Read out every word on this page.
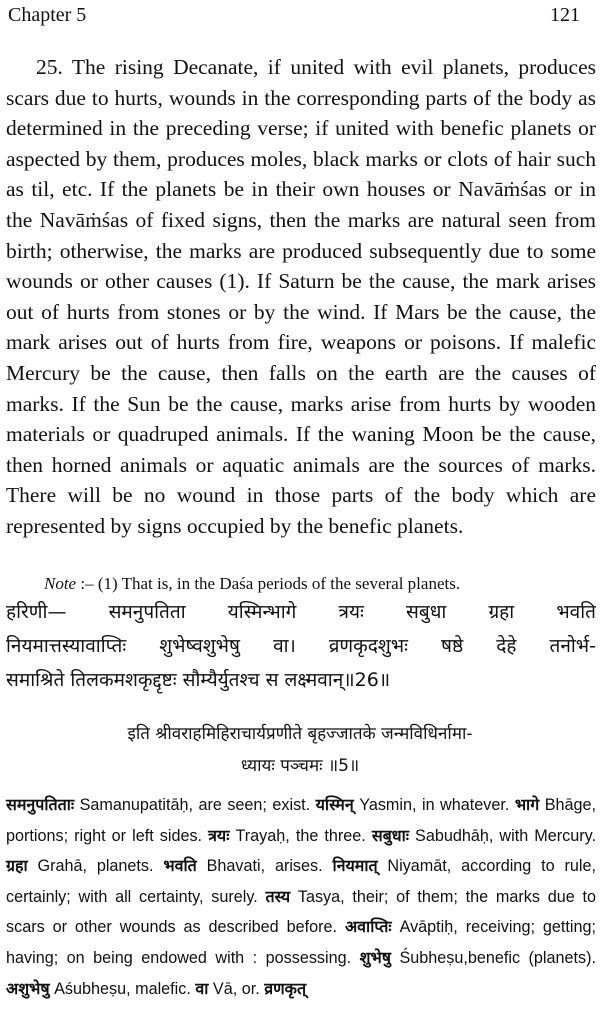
Chapter 5	121

25. The rising Decanate, if united with evil planets, produces scars due to hurts, wounds in the corresponding parts of the body as determined in the preceding verse; if united with benefic planets or aspected by them, produces moles, black marks or clots of hair such as til, etc. If the planets be in their own houses or Navāṁśas or in the Navāṁśas of fixed signs, then the marks are natural seen from birth; otherwise, the marks are produced subsequently due to some wounds or other causes (1). If Saturn be the cause, the mark arises out of hurts from stones or by the wind. If Mars be the cause, the mark arises out of hurts from fire, weapons or poisons. If malefic Mercury be the cause, then falls on the earth are the causes of marks. If the Sun be the cause, marks arise from hurts by wooden materials or quadruped animals. If the waning Moon be the cause, then horned animals or aquatic animals are the sources of marks. There will be no wound in those parts of the body which are represented by signs occupied by the benefic planets.

Note :– (1) That is, in the Daśa periods of the several planets.
हरिणी— समनुपतिता यस्मिन्भागे त्रयः सबुधा ग्रहा भवति
नियमात्तस्यावाप्तिः शुभेष्वशुभेषु वा। व्रणकृदशुभः षष्ठे देहे तनोर्भ-
समाश्रिते तिलकमशकृद्दृष्टः सौम्यैर्युतश्च स लक्ष्मवान्॥26॥
इति श्रीवराहमिहिराचार्यप्रणीते बृहज्जातके जन्मविधिर्नामा-
ध्यायः पञ्चमः ॥5॥

समनुपतिताः Samanupatitāḥ, are seen; exist. यस्मिन् Yasmin, in whatever. भागे Bhāge, portions; right or left sides. त्रयः Trayaḥ, the three. सबुधाः Sabudhāḥ, with Mercury. ग्रहा Grahā, planets. भवति Bhavati, arises. नियमात् Niyamāt, according to rule, certainly; with all certainty, surely. तस्य Tasya, their; of them; the marks due to scars or other wounds as described before. अवाप्तिः Avāptiḥ, receiving; getting; having; on being endowed with : possessing. शुभेषु Śubheṣu,benefic (planets). अशुभेषु Aśubheṣu, malefic. वा Vā, or. व्रणकृत्
